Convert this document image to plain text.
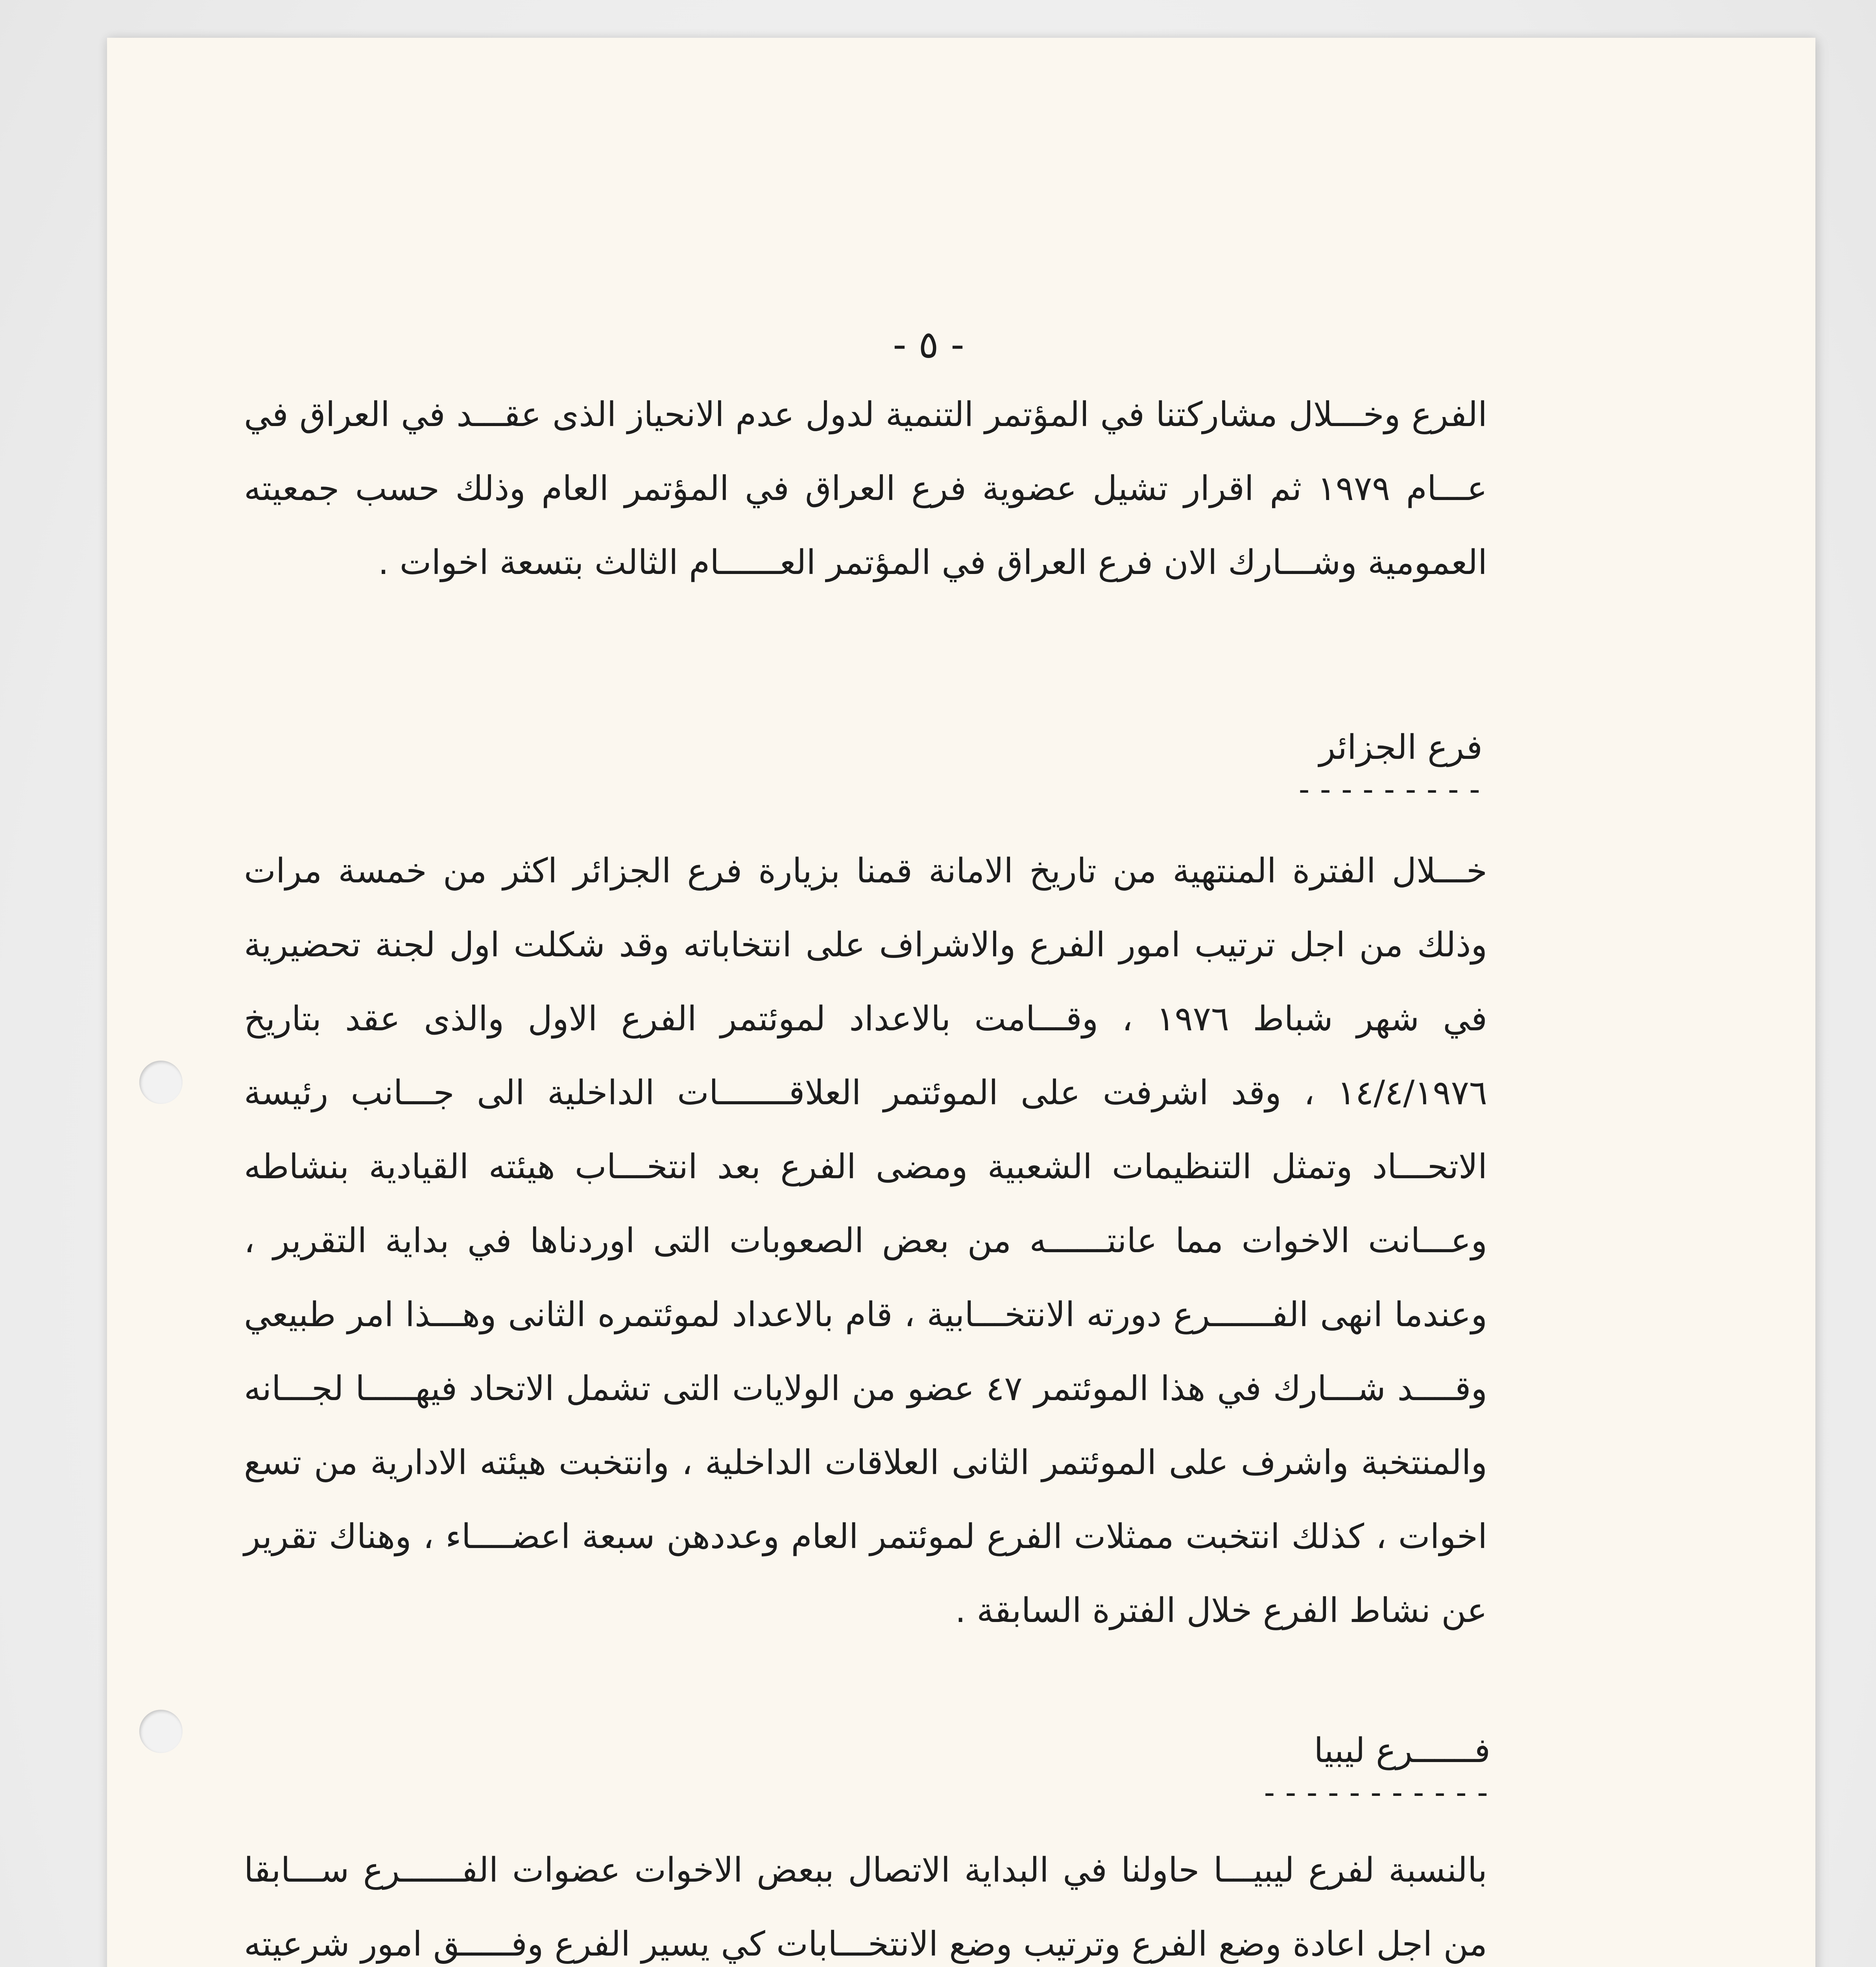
- ٥ -
الفرع وخـــلال مشاركتنا في المؤتمر التنمية لدول عدم الانحياز الذى عقـــد في العراق في عـــام ١٩٧٩ ثم اقرار تشيل عضوية فرع العراق في المؤتمر العام وذلك حسب جمعيته العمومية وشـــارك الان فرع العراق في المؤتمر العــــــام الثالث بتسعة اخوات .
فرع الجزائر
---------
خـــلال الفترة المنتهية من تاريخ الامانة قمنا بزيارة فرع الجزائر اكثر من خمسة مرات وذلك من اجل ترتيب امور الفرع والاشراف على انتخاباته وقد شكلت اول لجنة تحضيرية في شهر شباط ١٩٧٦ ، وقـــامت بالاعداد لموئتمر الفرع الاول والذى عقد بتاريخ ١٤/٤/١٩٧٦ ، وقد اشرفت على الموئتمر العلاقـــــــات الداخلية الى جـــانب رئيسة الاتحـــاد وتمثل التنظيمات الشعبية ومضى الفرع بعد انتخـــاب هيئته القيادية بنشاطه وعـــانت الاخوات مما عانتــــــه من بعض الصعوبات التى اوردناها في بداية التقرير ، وعندما انهى الفــــــرع دورته الانتخـــابية ، قام بالاعداد لموئتمره الثانى وهـــذا امر طبيعي وقــــد شـــارك في هذا الموئتمر ٤٧ عضو من الولايات التى تشمل الاتحاد فيهـــــا لجـــانه والمنتخبة واشرف على الموئتمر الثانى العلاقات الداخلية ، وانتخبت هيئته الادارية من تسع اخوات ، كذلك انتخبت ممثلات الفرع لموئتمر العام وعددهن سبعة اعضــــاء ، وهناك تقرير عن نشاط الفرع خلال الفترة السابقة .
فــــــرع ليبيا
-----------
بالنسبة لفرع ليبيـــا حاولنا في البداية الاتصال ببعض الاخوات عضوات الفــــــرع ســـابقا من اجل اعادة وضع الفرع وترتيب وضع الانتخـــابات كي يسير الفرع وفـــــق امور شرعيته
